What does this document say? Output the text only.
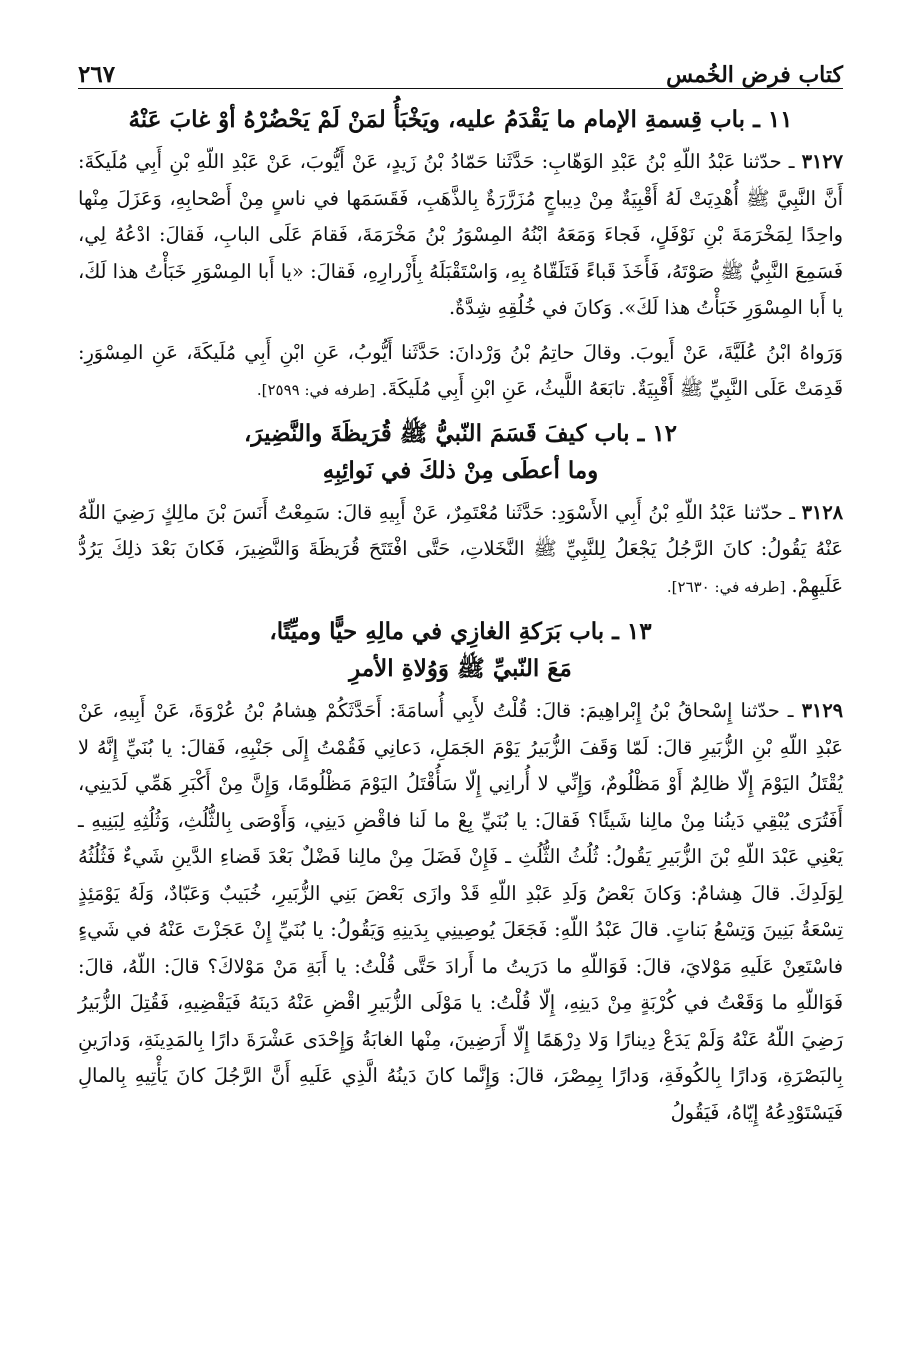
كتاب فرض الخُمس
٢٦٧
١١ ـ باب قِسمةِ الإمام ما يَقْدَمُ عليه، ويَخْبَأُ لمَنْ لَمْ يَحْضُرْهُ أوْ غابَ عَنْهُ

٣١٢٧ ـ حدّثنا عَبْدُ اللّهِ بْنُ عَبْدِ الوَهّابِ: حَدَّثَنا حَمّادُ بْنُ زَيدٍ، عَنْ أَيُّوبَ، عَنْ عَبْدِ اللّهِ بْنِ أَبِي مُلَيكَةَ: أَنَّ النَّبِيَّ ﷺ أُهْدِيَتْ لَهُ أَقْبِيَةٌ مِنْ دِيباجٍ مُزَرَّرَةٌ بِالذَّهَبِ، فَقَسَمَها في ناسٍ مِنْ أَصْحابِهِ، وَعَزَلَ مِنْها واحِدًا لِمَخْرَمَةَ بْنِ نَوْفَلٍ، فَجاءَ وَمَعَهُ ابْنُهُ المِسْوَرُ بْنُ مَخْرَمَةَ، فَقامَ عَلَى البابِ، فَقالَ: ادْعُهُ لِي، فَسَمِعَ النَّبِيُّ ﷺ صَوْتَهُ، فَأَخَذَ قَباءً فَتَلَقّاهُ بِهِ، وَاسْتَقْبَلَهُ بِأَزْرارِهِ، فَقالَ: «يا أَبا المِسْوَرِ خَبَأْتُ هذا لَكَ، يا أَبا المِسْوَرِ خَبَأْتُ هذا لَكَ». وَكانَ في خُلُقِهِ شِدَّةٌ.

وَرَواهُ ابْنُ عُلَيَّةَ، عَنْ أَيوبَ. وقالَ حاتِمُ بْنُ وَرْدانَ: حَدَّثَنا أَيُّوبُ، عَنِ ابْنِ أَبِي مُلَيكَةَ، عَنِ المِسْوَرِ: قَدِمَتْ عَلَى النَّبِيِّ ﷺ أَقْبِيَةٌ. تابَعَهُ اللَّيثُ، عَنِ ابْنِ أَبِي مُلَيكَةَ. [طرفه في: ٢٥٩٩].

١٢ ـ باب كيفَ قَسَمَ النّبيُّ ﷺ قُرَيظَةَ والنَّضِيرَ،
وما أعطَى مِنْ ذلكَ في نَوائِبِهِ

٣١٢٨ ـ حدّثنا عَبْدُ اللّهِ بْنُ أَبِي الأَسْوَدِ: حَدَّثَنا مُعْتَمِرٌ، عَنْ أَبِيهِ قالَ: سَمِعْتُ أَنَسَ بْنَ مالِكٍ رَضِيَ اللّهُ عَنْهُ يَقُولُ: كانَ الرَّجُلُ يَجْعَلُ لِلنَّبِيِّ ﷺ النَّخَلاتِ، حَتَّى افْتَتَحَ قُرَيظَةَ وَالنَّضِيرَ، فَكانَ بَعْدَ ذلِكَ يَرُدُّ عَلَيهِمْ. [طرفه في: ٢٦٣٠].

١٣ ـ باب بَرَكةِ الغازِي في مالِهِ حيًّا وميِّتًا،
مَعَ النّبيِّ ﷺ وَوُلاةِ الأمرِ

٣١٢٩ ـ حدّثنا إِسْحاقُ بْنُ إِبْراهِيمَ: قالَ: قُلْتُ لأَبِي أُسامَةَ: أَحَدَّثَكُمْ هِشامُ بْنُ عُرْوَةَ، عَنْ أَبِيهِ، عَنْ عَبْدِ اللّهِ بْنِ الزُّبَيرِ قالَ: لَمّا وَقَفَ الزُّبَيرُ يَوْمَ الجَمَلِ، دَعانِي فَقُمْتُ إِلَى جَنْبِهِ، فَقالَ: يا بُنَيِّ إِنَّهُ لا يُقْتَلُ اليَوْمَ إِلّا ظالِمٌ أَوْ مَظْلُومٌ، وَإِنِّي لا أُرانِي إِلّا سَأُقْتَلُ اليَوْمَ مَظْلُومًا، وَإِنَّ مِنْ أَكْبَرِ هَمِّي لَدَينِي، أَفَتُرَى يُبْقِي دَينُنا مِنْ مالِنا شَيئًا؟ فَقالَ: يا بُنَيِّ بِعْ ما لَنا فاقْضِ دَينِي، وَأَوْصَى بِالثُّلُثِ، وَثُلُثِهِ لِبَنِيهِ ـ يَعْنِي عَبْدَ اللّهِ بْنَ الزُّبَيرِ يَقُولُ: ثُلُثُ الثُّلُثِ ـ فَإِنْ فَضَلَ مِنْ مالِنا فَضْلٌ بَعْدَ قَضاءِ الدَّينِ شَيءٌ فَثُلُثُهُ لِوَلَدِكَ. قالَ هِشامٌ: وَكانَ بَعْضُ وَلَدِ عَبْدِ اللّهِ قَدْ وازَى بَعْضَ بَنِي الزُّبَيرِ، خُبَيبٌ وَعَبّادٌ، وَلَهُ يَوْمَئِذٍ تِسْعَةُ بَنِينَ وَتِسْعُ بَناتٍ. قالَ عَبْدُ اللّهِ: فَجَعَلَ يُوصِينِي بِدَينِهِ وَيَقُولُ: يا بُنَيِّ إِنْ عَجَزْتَ عَنْهُ في شَيءٍ فاسْتَعِنْ عَلَيهِ مَوْلايَ، قالَ: فَوَاللّهِ ما دَرَيتُ ما أَرادَ حَتَّى قُلْتُ: يا أَبَةِ مَنْ مَوْلاكَ؟ قالَ: اللّهُ، قالَ: فَوَاللّهِ ما وَقَعْتُ في كُرْبَةٍ مِنْ دَينِهِ، إِلّا قُلْتُ: يا مَوْلَى الزُّبَيرِ اقْضِ عَنْهُ دَينَهُ فَيَقْضِيهِ، فَقُتِلَ الزُّبَيرُ رَضِيَ اللّهُ عَنْهُ وَلَمْ يَدَعْ دِينارًا وَلا دِرْهَمًا إِلّا أَرَضِينَ، مِنْها الغابَةُ وَإِحْدَى عَشْرَةَ دارًا بِالمَدِينَةِ، وَدارَينِ بِالبَصْرَةِ، وَدارًا بِالكُوفَةِ، وَدارًا بِمِصْرَ، قالَ: وَإِنَّما كانَ دَينُهُ الَّذِي عَلَيهِ أَنَّ الرَّجُلَ كانَ يَأْتِيهِ بِالمالِ فَيَسْتَوْدِعُهُ إِيّاهُ، فَيَقُولُ
